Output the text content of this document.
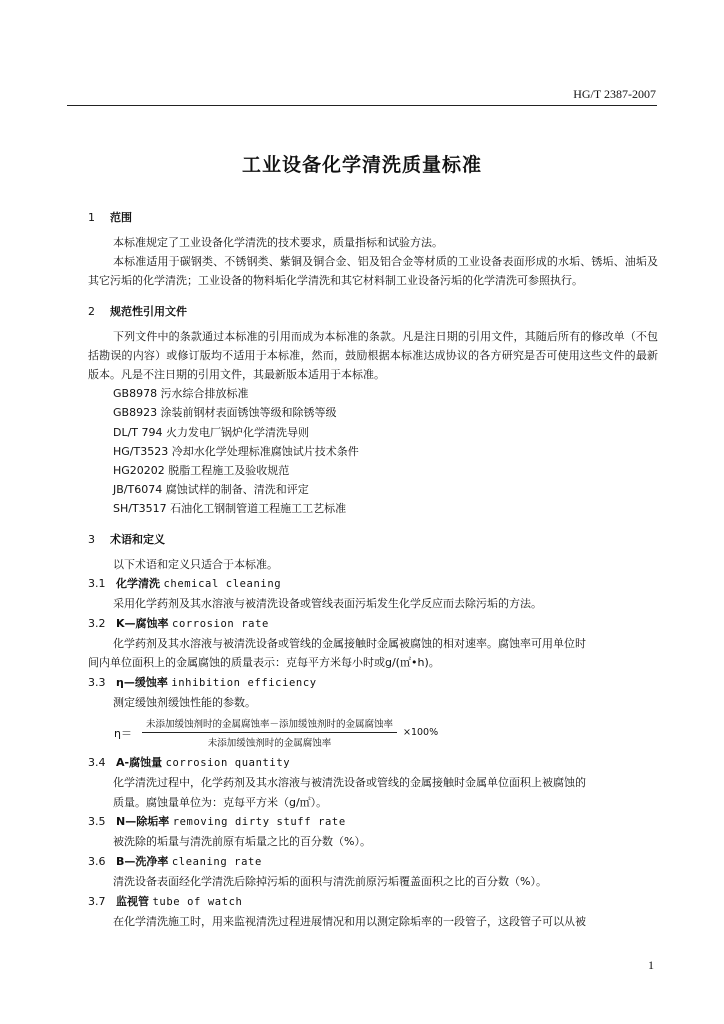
HG/T 2387-2007
工业设备化学清洗质量标准
1 范围

本标准规定了工业设备化学清洗的技术要求，质量指标和试验方法。

本标准适用于碳钢类、不锈钢类、紫铜及铜合金、铝及铝合金等材质的工业设备表面形成的水垢、锈垢、油垢及其它污垢的化学清洗；工业设备的物料垢化学清洗和其它材料制工业设备污垢的化学清洗可参照执行。

2 规范性引用文件

下列文件中的条款通过本标准的引用而成为本标准的条款。凡是注日期的引用文件，其随后所有的修改单（不包括勘误的内容）或修订版均不适用于本标准，然而，鼓励根据本标准达成协议的各方研究是否可使用这些文件的最新版本。凡是不注日期的引用文件，其最新版本适用于本标准。

GB8978 污水综合排放标准

GB8923 涂装前钢材表面锈蚀等级和除锈等级

DL/T 794 火力发电厂锅炉化学清洗导则

HG/T3523 冷却水化学处理标准腐蚀试片技术条件

HG20202 脱脂工程施工及验收规范

JB/T6074 腐蚀试样的制备、清洗和评定

SH/T3517 石油化工钢制管道工程施工工艺标准

3 术语和定义

以下术语和定义只适合于本标准。

3.1 化学清洗 chemical cleaning

采用化学药剂及其水溶液与被清洗设备或管线表面污垢发生化学反应而去除污垢的方法。

3.2 K—腐蚀率 corrosion rate

化学药剂及其水溶液与被清洗设备或管线的金属接触时金属被腐蚀的相对速率。腐蚀率可用单位时

间内单位面积上的金属腐蚀的质量表示：克每平方米每小时或g/(㎡•h)。

3.3 η—缓蚀率 inhibition efficiency

测定缓蚀剂缓蚀性能的参数。

$\eta= \frac{\text{未添加缓蚀剂时的金属腐蚀率－添加缓蚀剂时的金属腐蚀率}}{\text{未添加缓蚀剂时的金属腐蚀率}} \times 100\%$

3.4 A-腐蚀量 corrosion quantity

化学清洗过程中，化学药剂及其水溶液与被清洗设备或管线的金属接触时金属单位面积上被腐蚀的

质量。腐蚀量单位为：克每平方米（g/㎡）。

3.5 N—除垢率 removing dirty stuff rate

被洗除的垢量与清洗前原有垢量之比的百分数（%）。

3.6 B—洗净率 cleaning rate

清洗设备表面经化学清洗后除掉污垢的面积与清洗前原污垢覆盖面积之比的百分数（%）。

3.7 监视管 tube of watch

在化学清洗施工时，用来监视清洗过程进展情况和用以测定除垢率的一段管子，这段管子可以从被

1
